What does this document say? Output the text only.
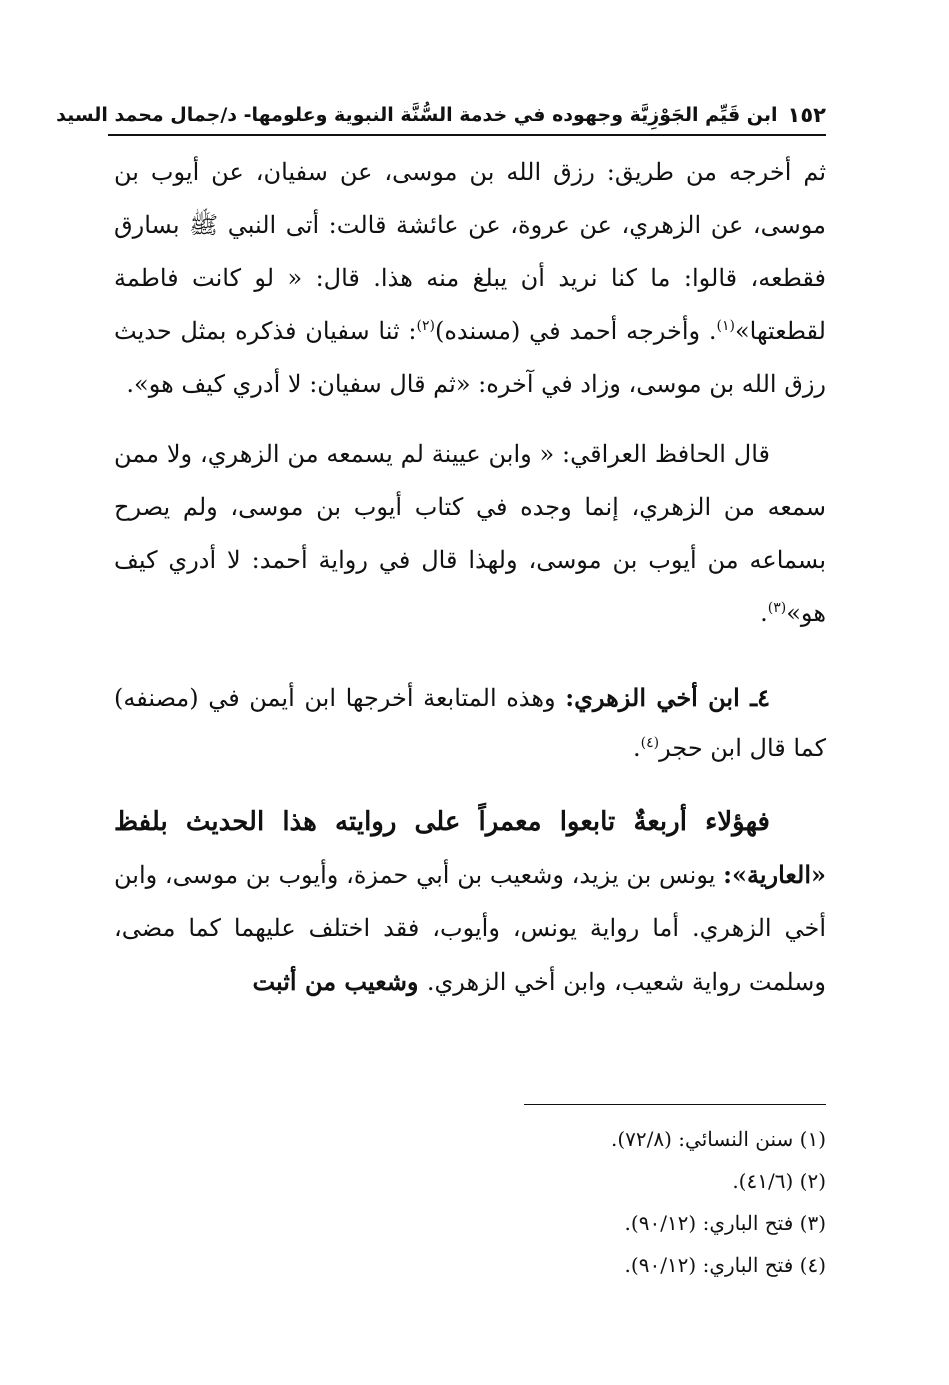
١٥٢
ابن قَيِّم الجَوْزِيَّة وجهوده في خدمة السُّنَّة النبوية وعلومها- د/جمال محمد السيد
ثم أخرجه من طريق: رزق الله بن موسى، عن سفيان، عن أيوب بن موسى، عن الزهري، عن عروة، عن عائشة قالت: أتى النبي ﷺ بسارق فقطعه، قالوا: ما كنا نريد أن يبلغ منه هذا. قال: « لو كانت فاطمة لقطعتها»$^{(١)}$. وأخرجه أحمد في (مسنده)$^{(٢)}$: ثنا سفيان فذكره بمثل حديث رزق الله بن موسى، وزاد في آخره: «ثم قال سفيان: لا أدري كيف هو».
قال الحافظ العراقي: « وابن عيينة لم يسمعه من الزهري، ولا ممن سمعه من الزهري، إنما وجده في كتاب أيوب بن موسى، ولم يصرح بسماعه من أيوب بن موسى، ولهذا قال في رواية أحمد: لا أدري كيف هو»$^{(٣)}$.
٤ـ ابن أخي الزهري: وهذه المتابعة أخرجها ابن أيمن في (مصنفه) كما قال ابن حجر$^{(٤)}$.
فهؤلاء أربعةٌ تابعوا معمراً على روايته هذا الحديث بلفظ
«العارية»: يونس بن يزيد، وشعيب بن أبي حمزة، وأيوب بن موسى، وابن أخي الزهري. أما رواية يونس، وأيوب، فقد اختلف عليهما كما مضى، وسلمت رواية شعيب، وابن أخي الزهري. وشعيب من أثبت
(١) سنن النسائي: (٧٢/٨).
(٢) (٤١/٦).
(٣) فتح الباري: (٩٠/١٢).
(٤) فتح الباري: (٩٠/١٢).
